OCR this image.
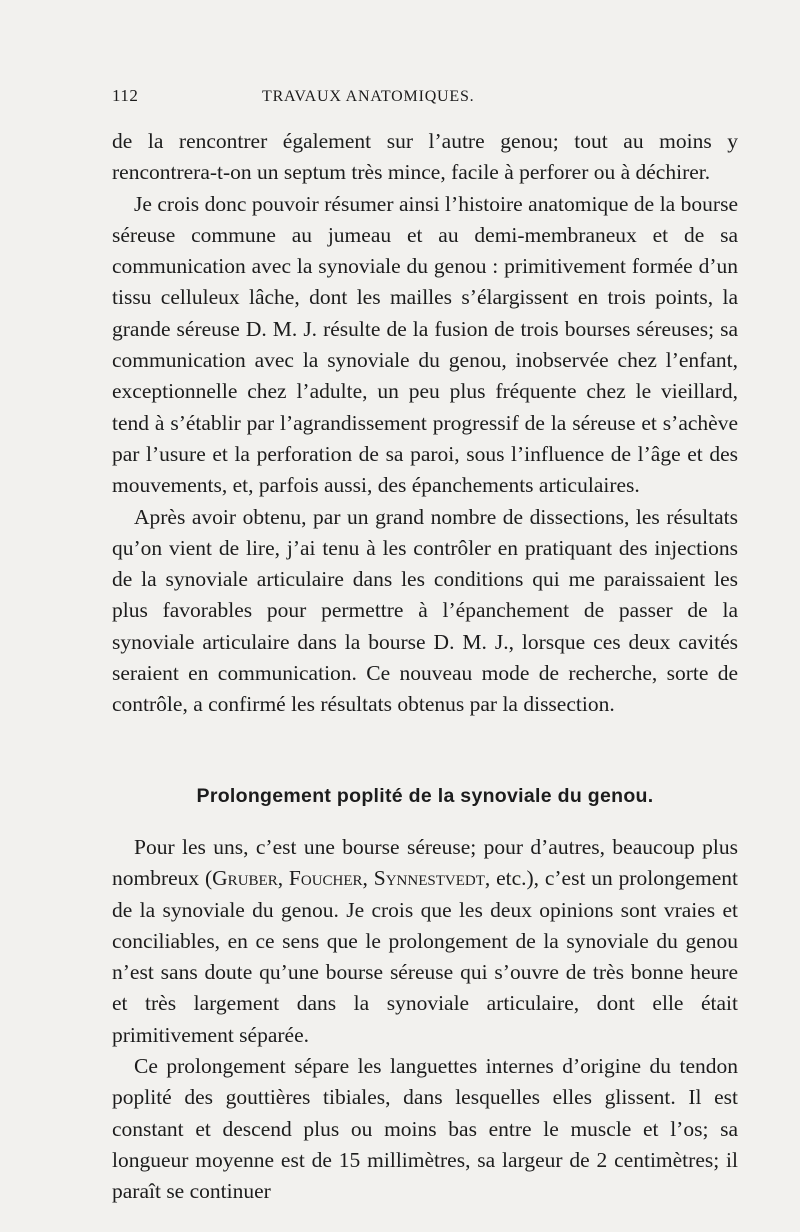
112	TRAVAUX ANATOMIQUES.

de la rencontrer également sur l’autre genou; tout au moins y rencontrera-t-on un septum très mince, facile à perforer ou à déchirer.

Je crois donc pouvoir résumer ainsi l’histoire anatomique de la bourse séreuse commune au jumeau et au demi-membraneux et de sa communication avec la synoviale du genou : primitivement formée d’un tissu celluleux lâche, dont les mailles s’élargissent en trois points, la grande séreuse D. M. J. résulte de la fusion de trois bourses séreuses; sa communication avec la synoviale du genou, inobservée chez l’enfant, exceptionnelle chez l’adulte, un peu plus fréquente chez le vieillard, tend à s’établir par l’agrandissement progressif de la séreuse et s’achève par l’usure et la perforation de sa paroi, sous l’influence de l’âge et des mouvements, et, parfois aussi, des épanchements articulaires.

Après avoir obtenu, par un grand nombre de dissections, les résultats qu’on vient de lire, j’ai tenu à les contrôler en pratiquant des injections de la synoviale articulaire dans les conditions qui me paraissaient les plus favorables pour permettre à l’épanchement de passer de la synoviale articulaire dans la bourse D. M. J., lorsque ces deux cavités seraient en communication. Ce nouveau mode de recherche, sorte de contrôle, a confirmé les résultats obtenus par la dissection.

Prolongement poplité de la synoviale du genou.

Pour les uns, c’est une bourse séreuse; pour d’autres, beaucoup plus nombreux (Gruber, Foucher, Synnestvedt, etc.), c’est un prolongement de la synoviale du genou. Je crois que les deux opinions sont vraies et conciliables, en ce sens que le prolongement de la synoviale du genou n’est sans doute qu’une bourse séreuse qui s’ouvre de très bonne heure et très largement dans la synoviale articulaire, dont elle était primitivement séparée.

Ce prolongement sépare les languettes internes d’origine du tendon poplité des gouttières tibiales, dans lesquelles elles glissent. Il est constant et descend plus ou moins bas entre le muscle et l’os; sa longueur moyenne est de 15 millimètres, sa largeur de 2 centimètres; il paraît se continuer
